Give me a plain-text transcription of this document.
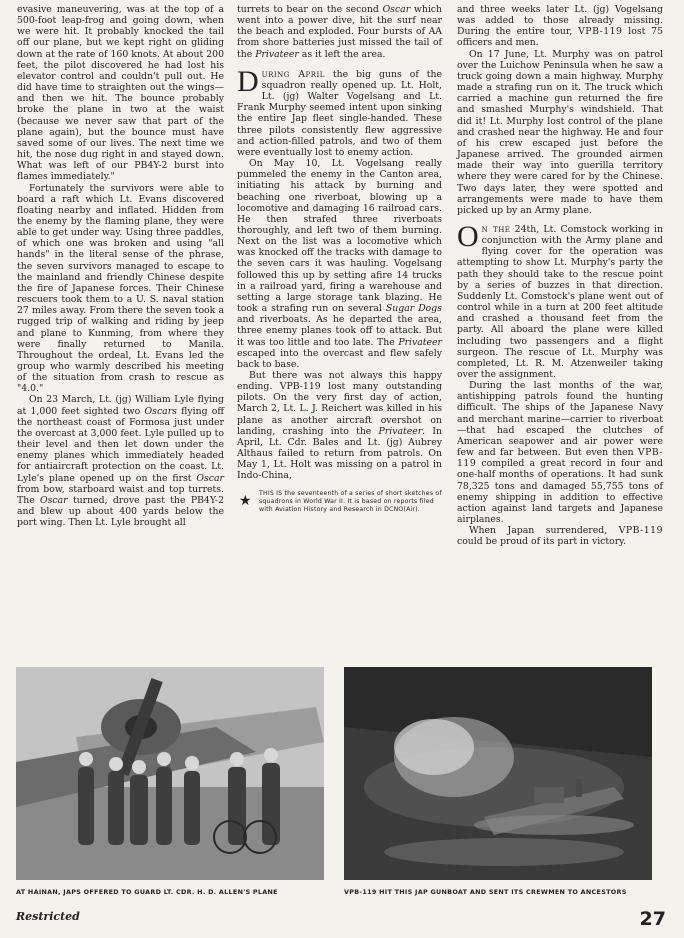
evasive maneuvering, was at the top of a 500-foot leap-frog and going down, when we were hit. It probably knocked the tail off our plane, but we kept right on gliding down at the rate of 160 knots. At about 200 feet, the pilot discovered he had lost his elevator control and couldn't pull out. He did have time to straighten out the wings—and then we hit. The bounce probably broke the plane in two at the waist (because we never saw that part of the plane again), but the bounce must have saved some of our lives. The next time we hit, the nose dug right in and stayed down. What was left of our PB4Y-2 burst into flames immediately."

Fortunately the survivors were able to board a raft which Lt. Evans discovered floating nearby and inflated. Hidden from the enemy by the flaming plane, they were able to get under way. Using three paddles, of which one was broken and using "all hands" in the literal sense of the phrase, the seven survivors managed to escape to the mainland and friendly Chinese despite the fire of Japanese forces. Their Chinese rescuers took them to a U. S. naval station 27 miles away. From there the seven took a rugged trip of walking and riding by jeep and plane to Kunming, from where they were finally returned to Manila. Throughout the ordeal, Lt. Evans led the group who warmly described his meeting of the situation from crash to rescue as "4.0."

On 23 March, Lt. (jg) William Lyle flying at 1,000 feet sighted two Oscars flying off the northeast coast of Formosa just under the overcast at 3,000 feet. Lyle pulled up to their level and then let down under the enemy planes which immediately headed for antiaircraft protection on the coast. Lt. Lyle's plane opened up on the first Oscar from bow, starboard waist and top turrets. The Oscar turned, drove past the PB4Y-2 and blew up about 400 yards below the port wing. Then Lt. Lyle brought all

turrets to bear on the second Oscar which went into a power dive, hit the surf near the beach and exploded. Four bursts of AA from shore batteries just missed the tail of the Privateer as it left the area.

During April the big guns of the squadron really opened up. Lt. Holt, Lt. (jg) Walter Vogelsang and Lt. Frank Murphy seemed intent upon sinking the entire Jap fleet single-handed. These three pilots consistently flew aggressive and action-filled patrols, and two of them were eventually lost to enemy action.

On May 10, Lt. Vogelsang really pummeled the enemy in the Canton area, initiating his attack by burning and beaching one riverboat, blowing up a locomotive and damaging 16 railroad cars. He then strafed three riverboats thoroughly, and left two of them burning. Next on the list was a locomotive which was knocked off the tracks with damage to the seven cars it was hauling. Vogelsang followed this up by setting afire 14 trucks in a railroad yard, firing a warehouse and setting a large storage tank blazing. He took a strafing run on several Sugar Dogs and riverboats. As he departed the area, three enemy planes took off to attack. But it was too little and too late. The Privateer escaped into the overcast and flew safely back to base.

But there was not always this happy ending. VPB-119 lost many outstanding pilots. On the very first day of action, March 2, Lt. L. J. Reichert was killed in his plane as another aircraft overshot on landing, crashing into the Privateer. In April, Lt. Cdr. Bales and Lt. (jg) Aubrey Althaus failed to return from patrols. On May 1, Lt. Holt was missing on a patrol in Indo-China,

★ THIS IS the seventeenth of a series of short sketches of squadrons in World War II. It is based on reports filed with Aviation History and Research in DCNO(Air).

and three weeks later Lt. (jg) Vogelsang was added to those already missing. During the entire tour, VPB-119 lost 75 officers and men.

On 17 June, Lt. Murphy was on patrol over the Luichow Peninsula when he saw a truck going down a main highway. Murphy made a strafing run on it. The truck which carried a machine gun returned the fire and smashed Murphy's windshield. That did it! Lt. Murphy lost control of the plane and crashed near the highway. He and four of his crew escaped just before the Japanese arrived. The grounded airmen made their way into guerilla territory where they were cared for by the Chinese. Two days later, they were spotted and arrangements were made to have them picked up by an Army plane.

On the 24th, Lt. Comstock working in conjunction with the Army plane and flying cover for the operation was attempting to show Lt. Murphy's party the path they should take to the rescue point by a series of buzzes in that direction. Suddenly Lt. Comstock's plane went out of control while in a turn at 200 feet altitude and crashed a thousand feet from the party. All aboard the plane were killed including two passengers and a flight surgeon. The rescue of Lt. Murphy was completed, Lt. R. M. Atzenweiler taking over the assignment.

During the last months of the war, antishipping patrols found the hunting difficult. The ships of the Japanese Navy and merchant marine—carrier to riverboat—that had escaped the clutches of American seapower and air power were few and far between. But even then VPB-119 compiled a great record in four and one-half months of operations. It had sunk 78,325 tons and damaged 55,755 tons of enemy shipping in addition to effective action against land targets and Japanese airplanes.

When Japan surrendered, VPB-119 could be proud of its part in victory.

AT HAINAN, JAPS OFFERED TO GUARD LT. CDR. H. D. ALLEN'S PLANE	VPB-119 HIT THIS JAP GUNBOAT AND SENT ITS CREWMEN TO ANCESTORS
Restricted	27
